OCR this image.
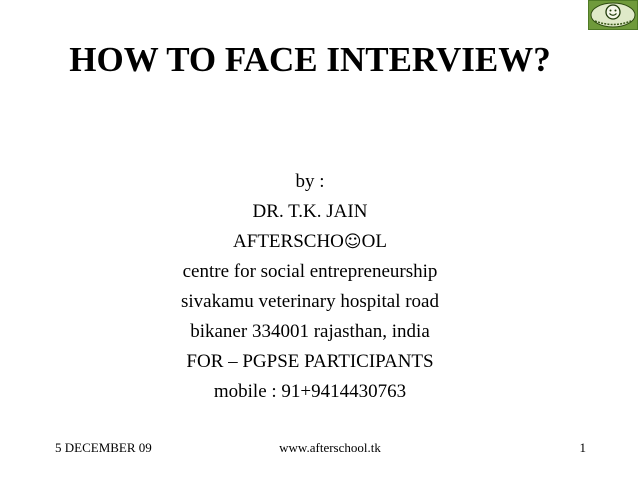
HOW TO FACE INTERVIEW?
by :
DR. T.K. JAIN
AFTERSCHO☺OL
centre for social entrepreneurship
sivakamu veterinary hospital road
bikaner 334001 rajasthan, india
FOR – PGPSE PARTICIPANTS
mobile : 91+9414430763
5 DECEMBER 09	www.afterschool.tk	1
